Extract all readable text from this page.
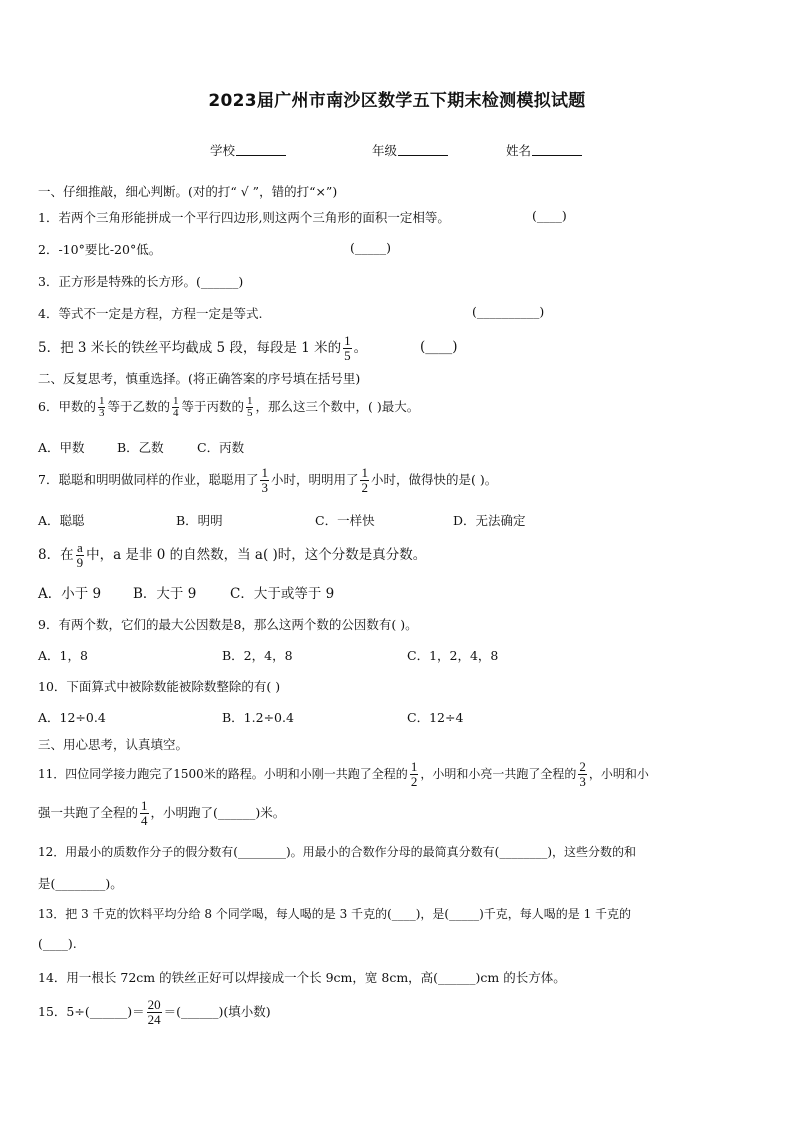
2023届广州市南沙区数学五下期末检测模拟试题
学校	年级	姓名
一、仔细推敲，细心判断。(对的打“ √ ”，错的打“×”)
1．若两个三角形能拼成一个平行四边形,则这两个三角形的面积一定相等。	(____)
2．-10°要比-20°低。	(_____)
3．正方形是特殊的长方形。(______)
4．等式不一定是方程，方程一定是等式.	(__________)
5．把 3 米长的铁丝平均截成 5 段，每段是 1 米的 $\frac{1}{5}$ 。	(____)
二、反复思考，慎重选择。(将正确答案的序号填在括号里)
6．甲数的 $\frac{1}{3}$ 等于乙数的 $\frac{1}{4}$ 等于丙数的 $\frac{1}{5}$ ，那么这三个数中，( )最大。
A．甲数	B．乙数	C．丙数
7．聪聪和明明做同样的作业，聪聪用了 $\frac{1}{3}$ 小时，明明用了 $\frac{1}{2}$ 小时，做得快的是( )。
A．聪聪	B．明明	C．一样快	D．无法确定
8．在 $\frac{a}{9}$ 中，a 是非 0 的自然数，当 a( )时，这个分数是真分数。
A．小于 9 B．大于 9 C．大于或等于 9
9．有两个数，它们的最大公因数是8，那么这两个数的公因数有( )。
A．1，8	B．2，4，8	C．1，2，4，8
10．下面算式中被除数能被除数整除的有( )
A．12÷0.4	B．1.2÷0.4	C．12÷4
三、用心思考，认真填空。
11．四位同学接力跑完了1500米的路程。小明和小刚一共跑了全程的 $\frac{1}{2}$ ，小明和小亮一共跑了全程的 $\frac{2}{3}$ ，小明和小
强一共跑了全程的 $\frac{1}{4}$ ，小明跑了(______)米。
12．用最小的质数作分子的假分数有(________)。用最小的合数作分母的最简真分数有(________)，这些分数的和
是(________)。
13．把 3 千克的饮料平均分给 8 个同学喝，每人喝的是 3 千克的(____)，是(_____)千克，每人喝的是 1 千克的
(____).
14．用一根长 72cm 的铁丝正好可以焊接成一个长 9cm，宽 8cm，高(______)cm 的长方体。
15．5÷(______)＝ $\frac{20}{24}$ ＝(______)(填小数)
